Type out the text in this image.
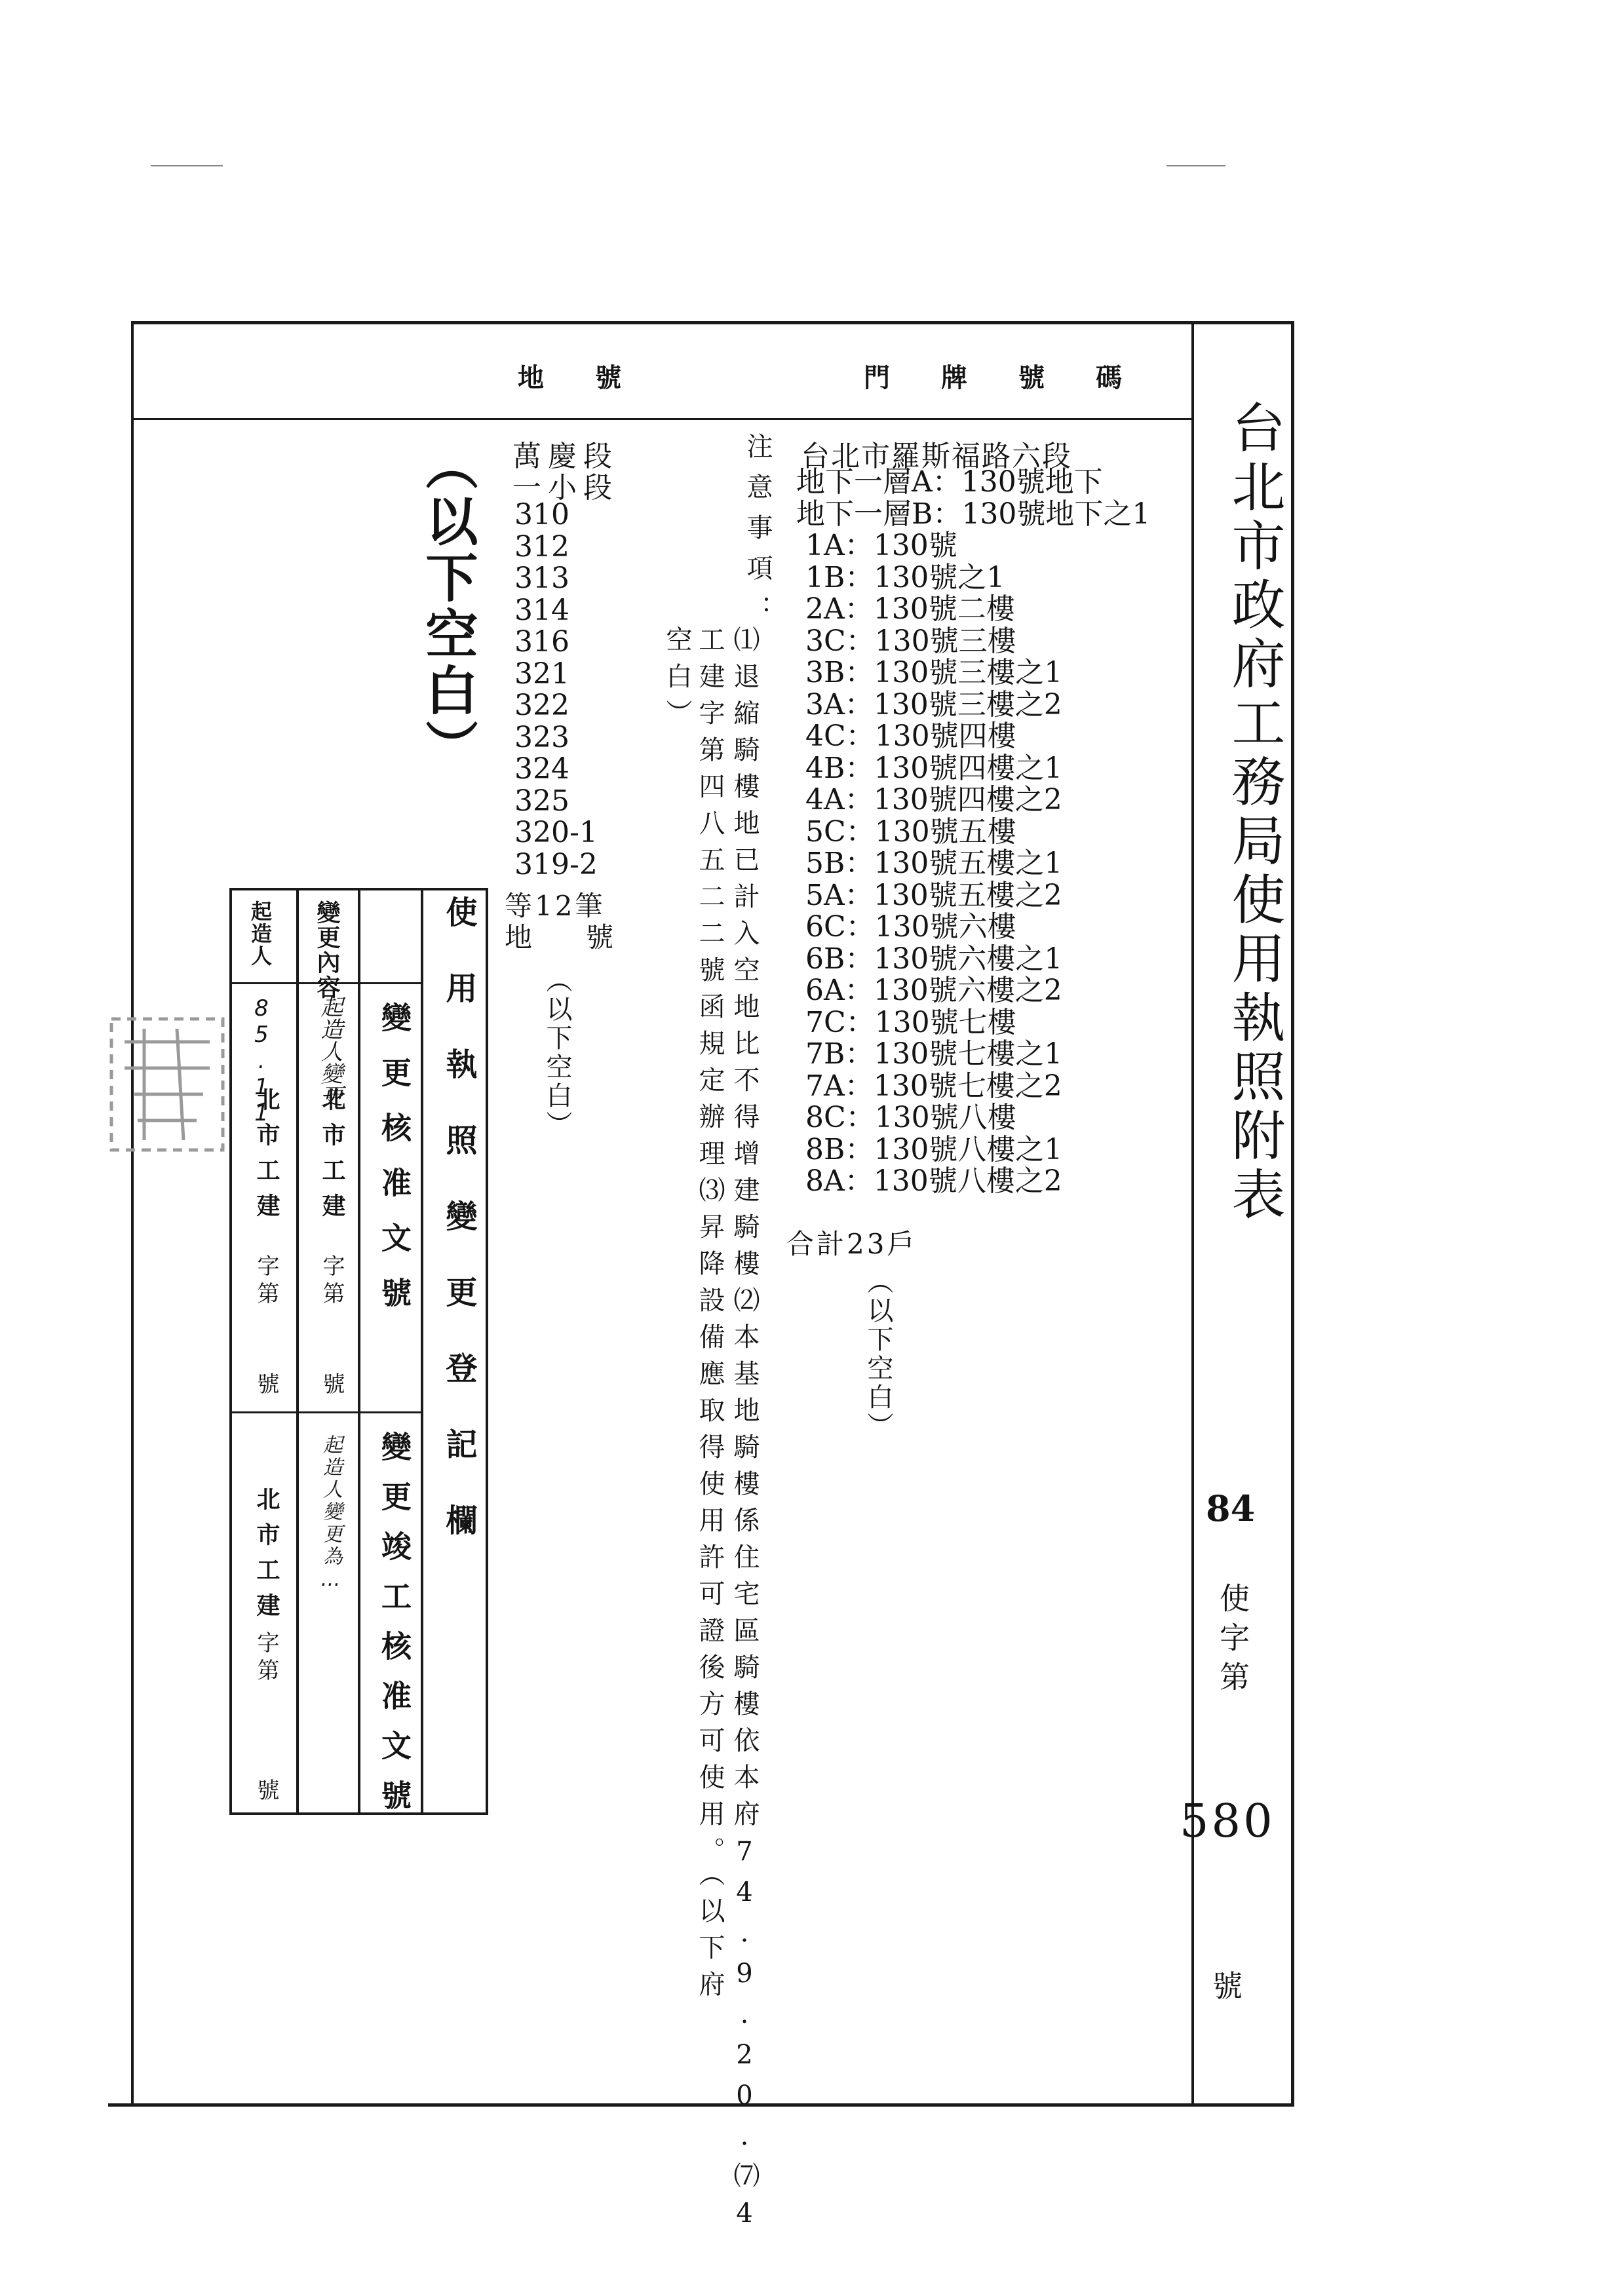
地號	門牌號碼
台北市政府工務局使用執照附表
84
使字第
580
號
（以下空白） 萬慶段
一小段
310
312
313
314
316
321
322
323
324
325
320-1
319-2
等12筆
地　號
（以下空白）
注意事項：
⑴退縮騎樓地已計入空地比不得增建騎樓⑵本基地騎樓係住宅區騎樓依本府74.9.20.⑺4
工建字第四八五二二號函規定辦理⑶昇降設備應取得使用許可證後方可使用。（以下府
空白）
台北市羅斯福路六段
地下一層A：130號地下
地下一層B：130號地下之1
1A：130號
1B：130號之1
2A：130號二樓
3C：130號三樓
3B：130號三樓之1
3A：130號三樓之2
4C：130號四樓
4B：130號四樓之1
4A：130號四樓之2
5C：130號五樓
5B：130號五樓之1
5A：130號五樓之2
6C：130號六樓
6B：130號六樓之1
6A：130號六樓之2
7C：130號七樓
7B：130號七樓之1
7A：130號七樓之2
8C：130號八樓
8B：130號八樓之1
8A：130號八樓之2
合計23戶
（以下空白）
使用執照變更登記欄
變更核准文號
變更竣工核准文號
變更內容
起造人
起造人變更
85.11
北市工建
字第
號
北市工建
字第
號
北市工建
字第
號
起造人變更為…
